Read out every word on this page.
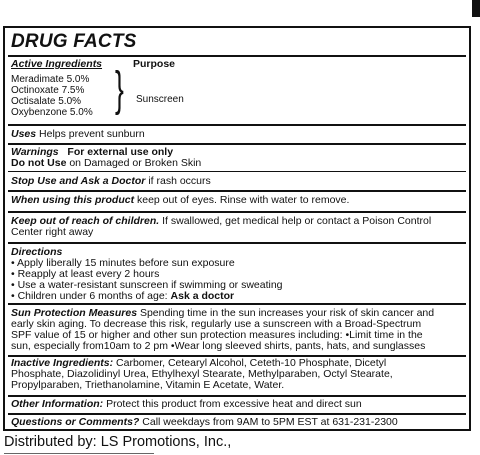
DRUG FACTS
Active Ingredients	Purpose
Meradimate 5.0%
Octinoxate 7.5%
Octisalate 5.0%
Oxybenzone 5.0% } Sunscreen
Uses Helps prevent sunburn
Warnings For external use only
Do not Use on Damaged or Broken Skin
Stop Use and Ask a Doctor if rash occurs
When using this product keep out of eyes. Rinse with water to remove.
Keep out of reach of children. If swallowed, get medical help or contact a Poison Control
Center right away
Directions
• Apply liberally 15 minutes before sun exposure
• Reapply at least every 2 hours
• Use a water-resistant sunscreen if swimming or sweating
• Children under 6 months of age: Ask a doctor
Sun Protection Measures Spending time in the sun increases your risk of skin cancer and
early skin aging. To decrease this risk, regularly use a sunscreen with a Broad-Spectrum
SPF value of 15 or higher and other sun protection measures including: •Limit time in the
sun, especially from10am to 2 pm •Wear long sleeved shirts, pants, hats, and sunglasses
Inactive Ingredients: Carbomer, Cetearyl Alcohol, Ceteth-10 Phosphate, Dicetyl
Phosphate, Diazolidinyl Urea, Ethylhexyl Stearate, Methylparaben, Octyl Stearate,
Propylparaben, Triethanolamine, Vitamin E Acetate, Water.
Other Information: Protect this product from excessive heat and direct sun
Questions or Comments? Call weekdays from 9AM to 5PM EST at 631-231-2300
Distributed by: LS Promotions, Inc.,
